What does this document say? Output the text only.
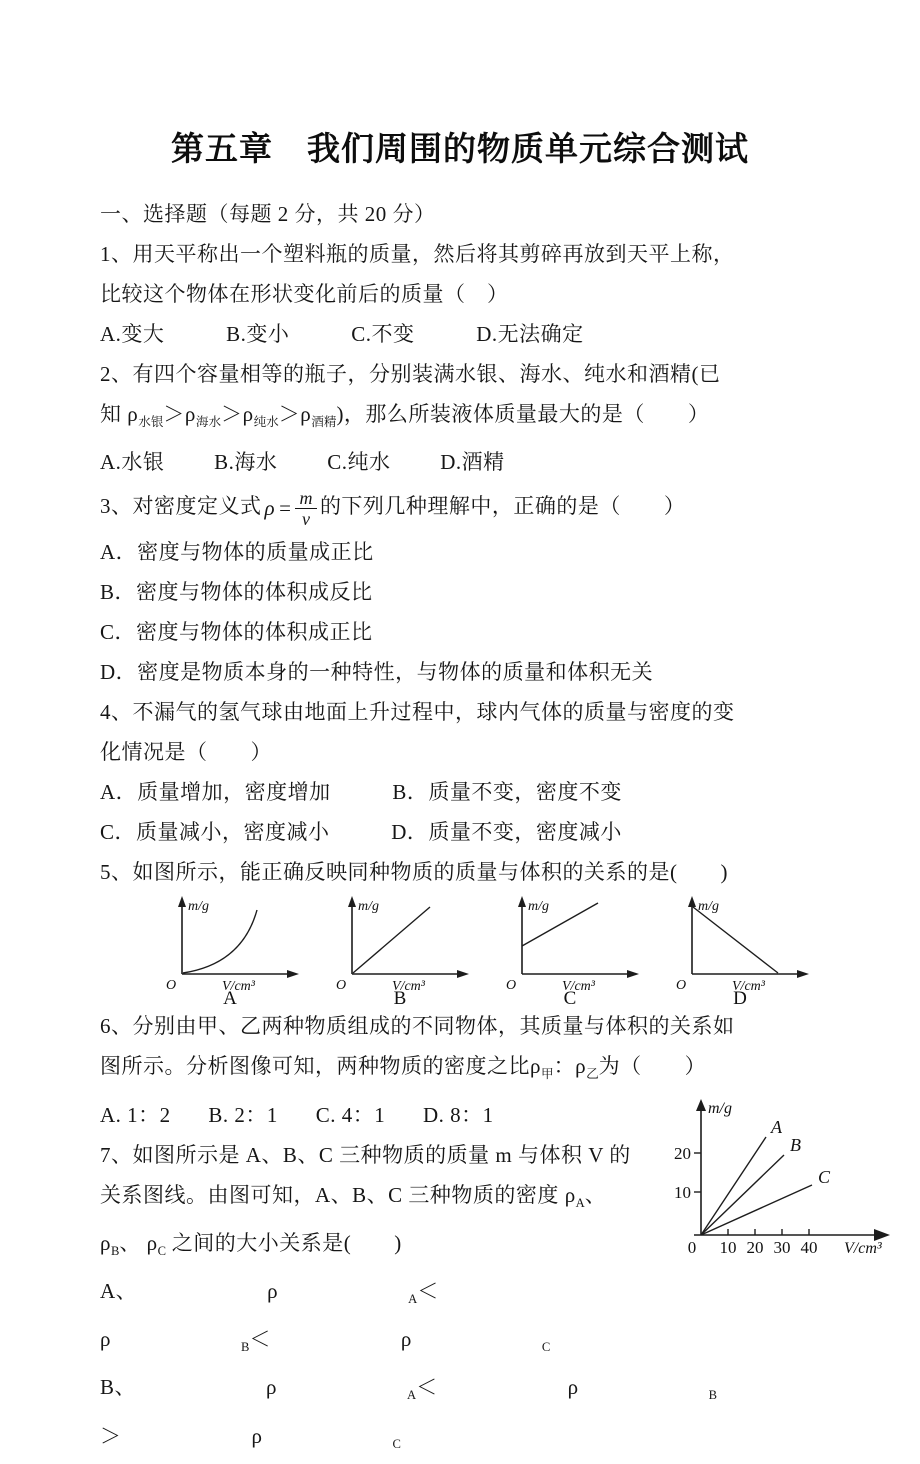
第五章　我们周围的物质单元综合测试
一、选择题（每题 2 分，共 20 分）
1、用天平称出一个塑料瓶的质量，然后将其剪碎再放到天平上称，
比较这个物体在形状变化前后的质量（　）
A.变大	B.变小	C.不变	D.无法确定
2、有四个容量相等的瓶子，分别装满水银、海水、纯水和酒精(已
知 $\rho_{水银}>\rho_{海水}>\rho_{纯水}>\rho_{酒精}$)，那么所装液体质量最大的是（　　）
A.水银 B.海水 C.纯水 D.酒精
3、对密度定义式 $\rho = \frac{m}{v}$ 的下列几种理解中，正确的是（　　）
A．密度与物体的质量成正比
B．密度与物体的体积成反比
C．密度与物体的体积成正比
D．密度是物质本身的一种特性，与物体的质量和体积无关
4、不漏气的氢气球由地面上升过程中，球内气体的质量与密度的变
化情况是（　　）
A．质量增加，密度增加	B．质量不变，密度不变
C．质量减小，密度减小	D．质量不变，密度减小
5、如图所示，能正确反映同种物质的质量与体积的关系的是(　　)
m/g
O	V/cm³
A
m/g
O	V/cm³
B
m/g
O	V/cm³
C
m/g
O	V/cm³
D
6、分别由甲、乙两种物质组成的不同物体，其质量与体积的关系如
图所示。分析图像可知，两种物质的密度之比$\rho_甲$：$\rho_乙$为（　　）
m/g
20
10
0 10 20 30 40 V/cm³
A
B
C
A. 1：2 B. 2：1 C. 4：1 D. 8：1
7、如图所示是 A、B、C 三种物质的质量 m 与体积 V 的
关系图线。由图可知，A、B、C 三种物质的密度 $\rho_A$、
$\rho_B$、 $\rho_C$ 之间的大小关系是(　　)
A、	ρ	$_A$＜ρ	$_B$＜	ρ	$_C$ B、	ρ	$_A$＜	ρ	$_B$＞	ρ	$_C$
